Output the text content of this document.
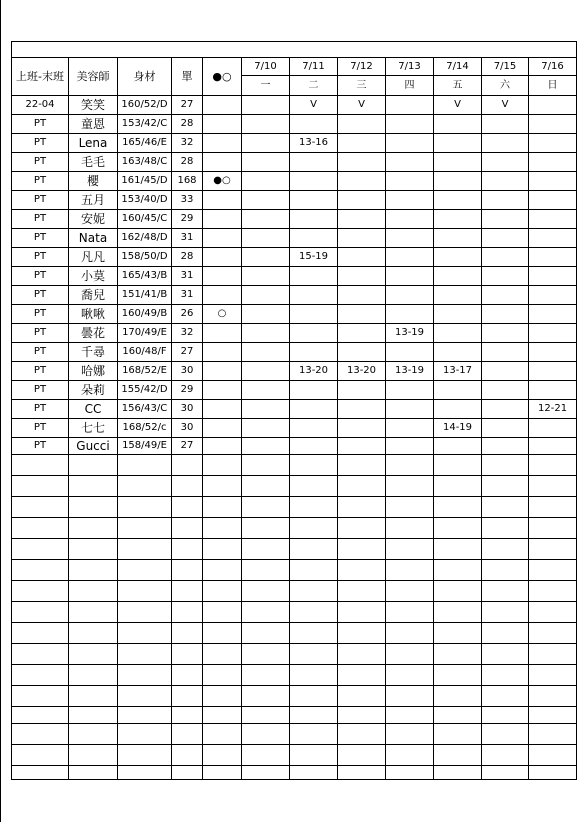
上班-末班	美容師	身材	單	●○	7/10	7/11	7/12	7/13	7/14	7/15	7/16
					一	二	三	四	五	六	日
22-04	笑笑	160/52/D	27			V	V		V	V	
PT	童恩	153/42/C	28								
PT	Lena	165/46/E	32			13-16					
PT	毛毛	163/48/C	28								
PT	櫻	161/45/D	168	●○							
PT	五月	153/40/D	33								
PT	安妮	160/45/C	29								
PT	Nata	162/48/D	31								
PT	凡凡	158/50/D	28			15-19					
PT	小莫	165/43/B	31								
PT	喬兒	151/41/B	31								
PT	啾啾	160/49/B	26	○							
PT	曇花	170/49/E	32					13-19			
PT	千尋	160/48/F	27								
PT	哈娜	168/52/E	30			13-20	13-20	13-19	13-17		
PT	朵莉	155/42/D	29								
PT	CC	156/43/C	30								12-21
PT	七七	168/52/c	30						14-19		
PT	Gucci	158/49/E	27								
